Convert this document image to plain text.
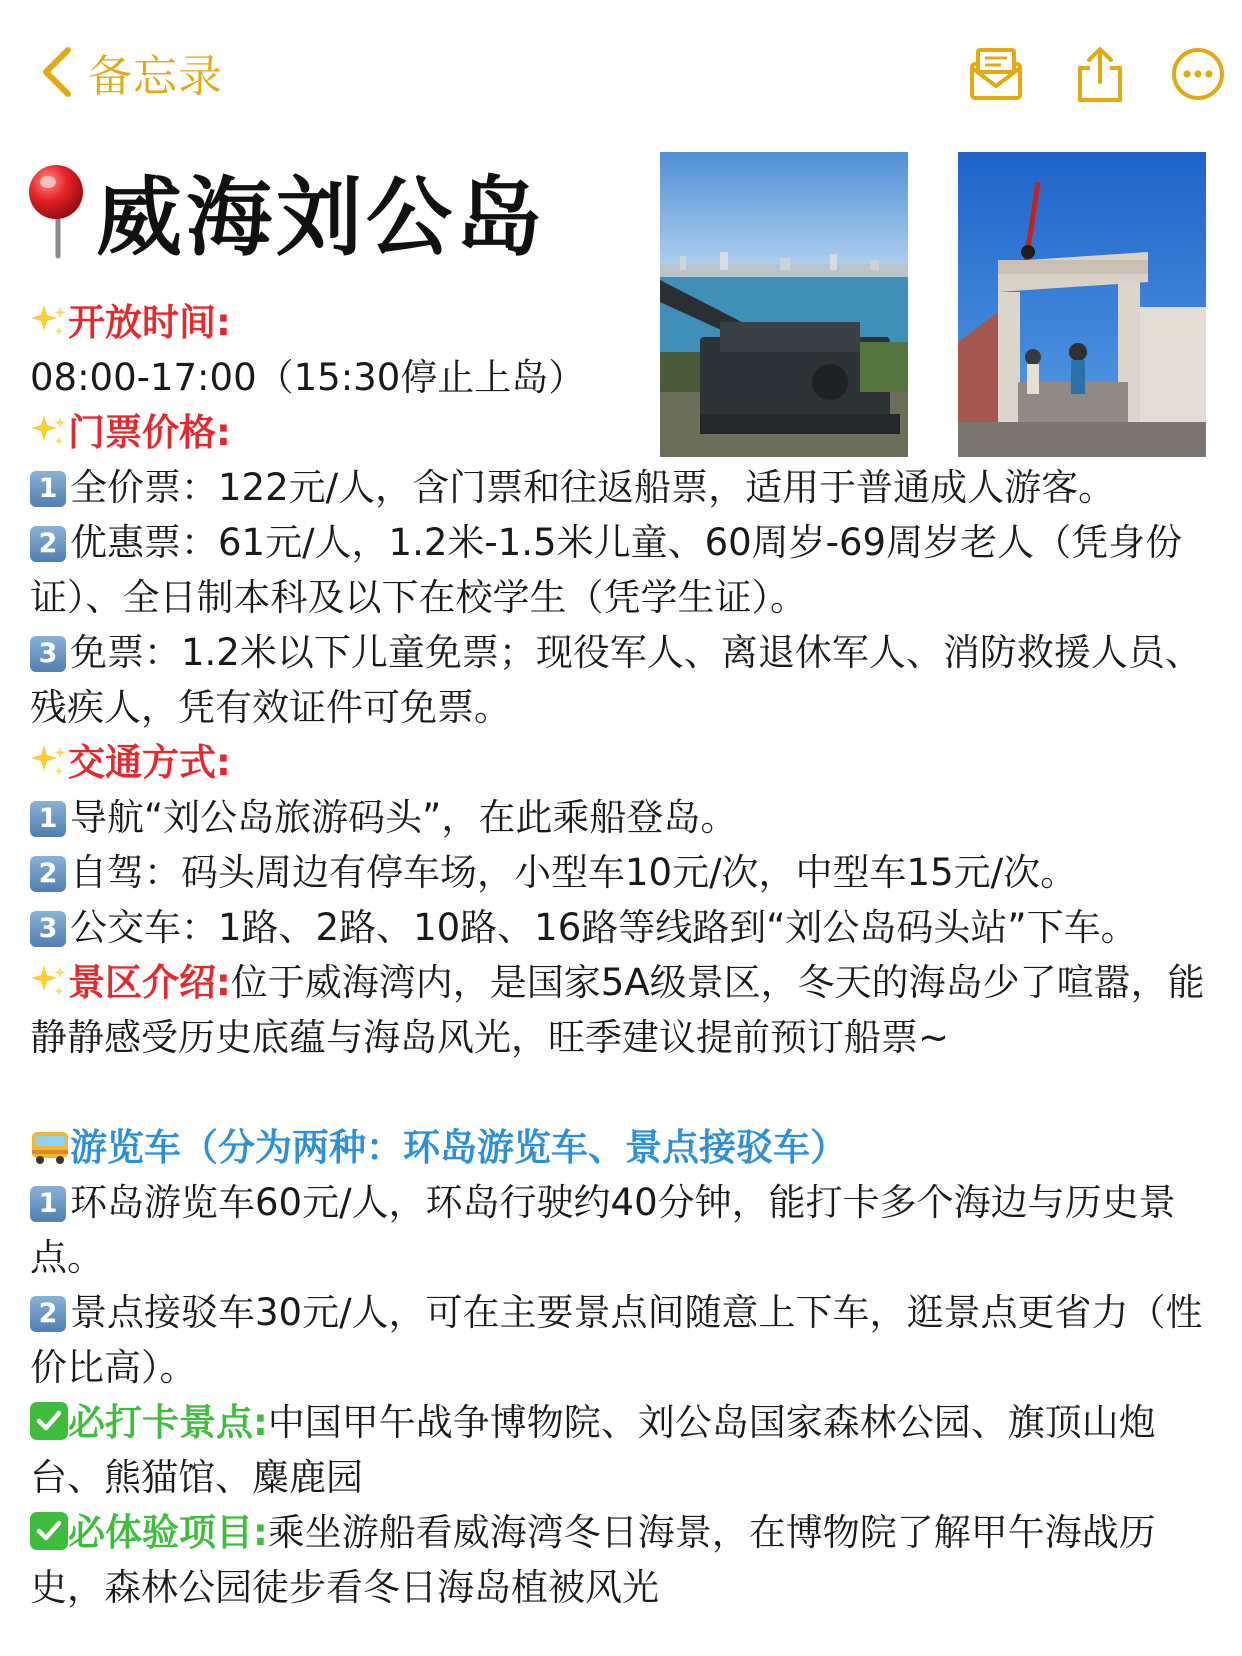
备忘录
威海刘公岛
开放时间:
08:00-17:00（15:30停止上岛）
门票价格:
1 全价票：122元/人，含门票和往返船票，适用于普通成人游客。
2 优惠票：61元/人，1.2米-1.5米儿童、60周岁-69周岁老人（凭身份证）、全日制本科及以下在校学生（凭学生证）。
3 免票：1.2米以下儿童免票；现役军人、离退休军人、消防救援人员、残疾人，凭有效证件可免票。
交通方式:
1 导航“刘公岛旅游码头”，在此乘船登岛。
2 自驾：码头周边有停车场，小型车10元/次，中型车15元/次。
3 公交车：1路、2路、10路、16路等线路到“刘公岛码头站”下车。
景区介绍:位于威海湾内，是国家5A级景区，冬天的海岛少了喧嚣，能静静感受历史底蕴与海岛风光，旺季建议提前预订船票~
游览车（分为两种：环岛游览车、景点接驳车）
1 环岛游览车60元/人，环岛行驶约40分钟，能打卡多个海边与历史景点。
2 景点接驳车30元/人，可在主要景点间随意上下车，逛景点更省力（性价比高）。
必打卡景点:中国甲午战争博物院、刘公岛国家森林公园、旗顶山炮台、熊猫馆、麋鹿园
必体验项目:乘坐游船看威海湾冬日海景，在博物院了解甲午海战历史，森林公园徒步看冬日海岛植被风光
